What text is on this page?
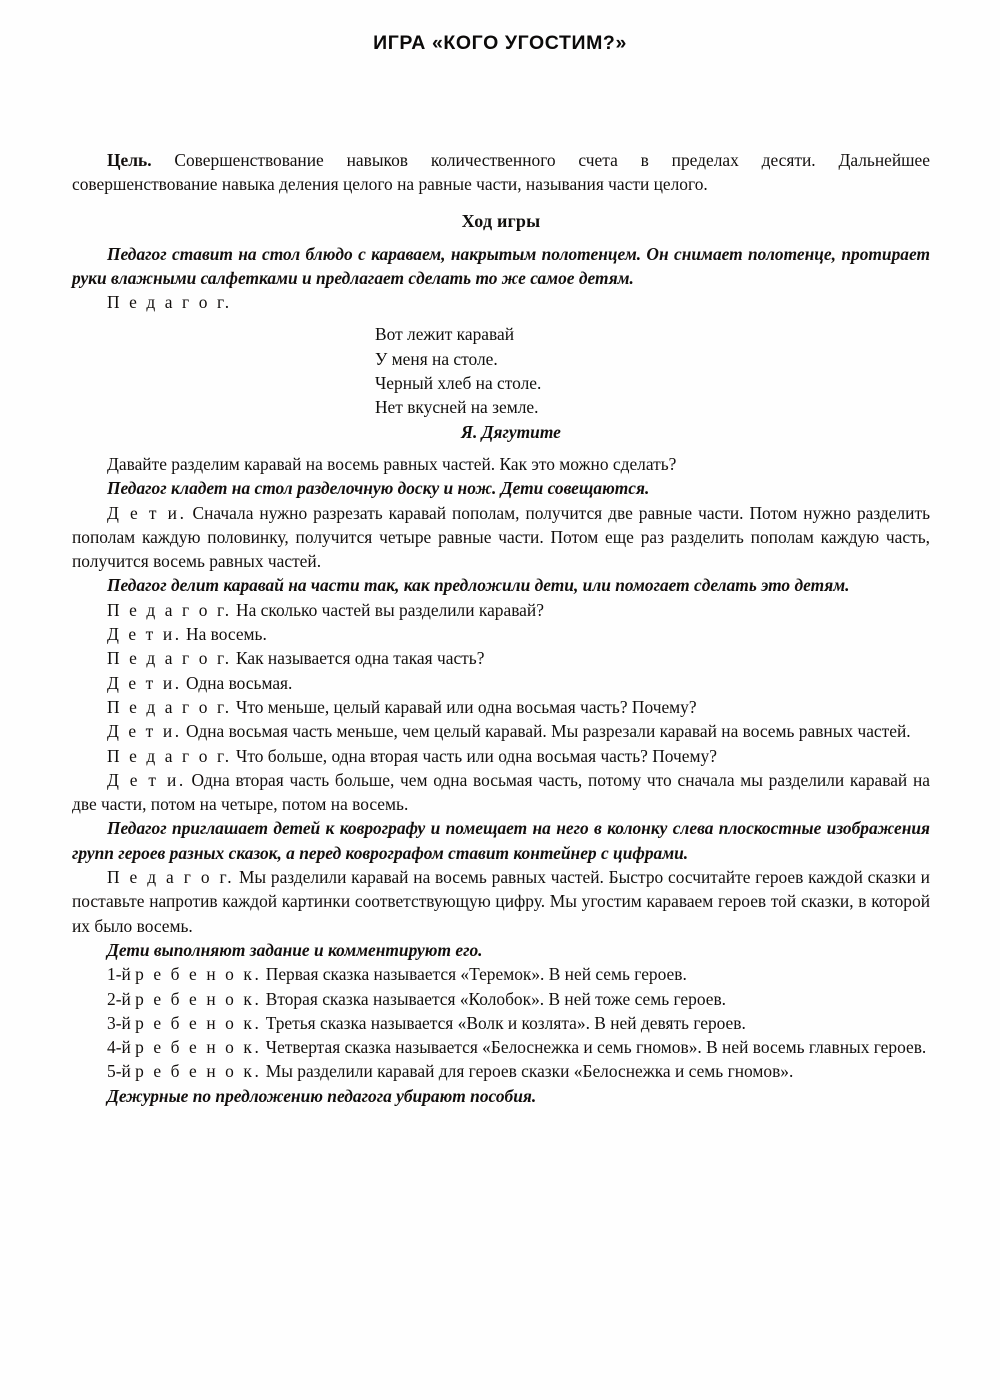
ИГРА «КОГО УГОСТИМ?»

Цель. Совершенствование навыков количественного счета в пределах десяти. Дальнейшее совершенствование навыка деления целого на равные части, называния части целого.

Ход игры

Педагог ставит на стол блюдо с караваем, накрытым полотенцем. Он снимает полотенце, протирает руки влажными салфетками и предлагает сделать то же самое детям.

П е д а г о г.

Вот лежит каравай
У меня на столе.
Черный хлеб на столе.
Нет вкусней на земле.
Я. Дягутите

Давайте разделим каравай на восемь равных частей. Как это можно сделать?

Педагог кладет на стол разделочную доску и нож. Дети совещаются.

Д е т и. Сначала нужно разрезать каравай пополам, получится две равные части. Потом нужно разделить пополам каждую половинку, получится четыре равные части. Потом еще раз разделить пополам каждую часть, получится восемь равных частей.

Педагог делит каравай на части так, как предложили дети, или помогает сделать это детям.

П е д а г о г. На сколько частей вы разделили каравай?

Д е т и. На восемь.

П е д а г о г. Как называется одна такая часть?

Д е т и. Одна восьмая.

П е д а г о г. Что меньше, целый каравай или одна восьмая часть? Почему?

Д е т и. Одна восьмая часть меньше, чем целый каравай. Мы разрезали каравай на восемь равных частей.

П е д а г о г. Что больше, одна вторая часть или одна восьмая часть? Почему?

Д е т и. Одна вторая часть больше, чем одна восьмая часть, потому что сначала мы разделили каравай на две части, потом на четыре, потом на восемь.

Педагог приглашает детей к коврографу и помещает на него в колонку слева плоскостные изображения групп героев разных сказок, а перед коврографом ставит контейнер с цифрами.

П е д а г о г. Мы разделили каравай на восемь равных частей. Быстро сосчитайте героев каждой сказки и поставьте напротив каждой картинки соответствующую цифру. Мы угостим караваем героев той сказки, в которой их было восемь.

Дети выполняют задание и комментируют его.

1-й р е б е н о к. Первая сказка называется «Теремок». В ней семь героев.

2-й р е б е н о к. Вторая сказка называется «Колобок». В ней тоже семь героев.

3-й р е б е н о к. Третья сказка называется «Волк и козлята». В ней девять героев.

4-й р е б е н о к. Четвертая сказка называется «Белоснежка и семь гномов». В ней восемь главных героев.

5-й р е б е н о к. Мы разделили каравай для героев сказки «Белоснежка и семь гномов».

Дежурные по предложению педагога убирают пособия.
